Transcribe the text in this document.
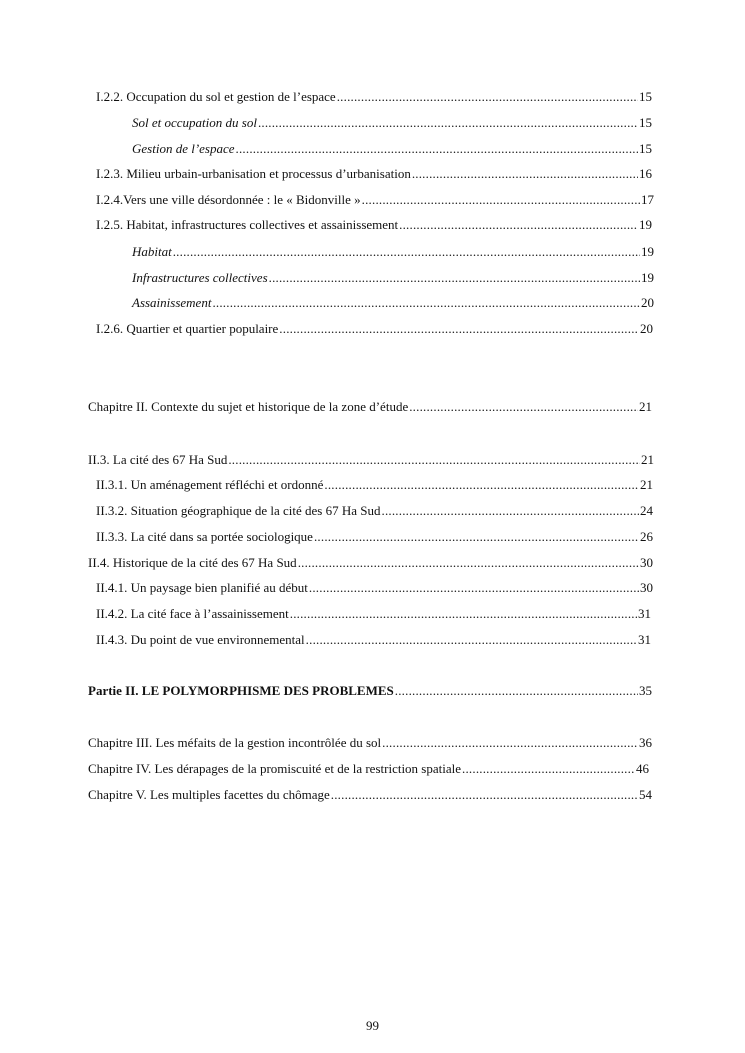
I.2.2. Occupation du sol et gestion de l’espace .....	15
Sol et occupation du sol .....	15
Gestion de l’espace .....	15
I.2.3. Milieu urbain-urbanisation et processus d’urbanisation .....	16
I.2.4.Vers une ville désordonnée : le « Bidonville » .....	17
I.2.5. Habitat, infrastructures collectives et assainissement .....	19
Habitat .....	19
Infrastructures collectives .....	19
Assainissement .....	20
I.2.6. Quartier et quartier populaire .....	20
Chapitre II. Contexte du sujet et historique de la zone d’étude .....	21
II.3. La cité des 67 Ha Sud .....	21
II.3.1. Un aménagement réfléchi et ordonné .....	21
II.3.2. Situation géographique de la cité des 67 Ha Sud .....	24
II.3.3. La cité dans sa portée sociologique .....	26
II.4. Historique de la cité des 67 Ha Sud .....	30
II.4.1. Un paysage bien planifié au début .....	30
II.4.2. La cité face à l’assainissement .....	31
II.4.3. Du point de vue environnemental .....	31
Partie II. LE POLYMORPHISME DES PROBLEMES .....	35
Chapitre III. Les méfaits de la gestion incontrôlée du sol .....	36
Chapitre IV. Les dérapages de la promiscuité et de la restriction spatiale .....	46
Chapitre V. Les multiples facettes du chômage .....	54
99
